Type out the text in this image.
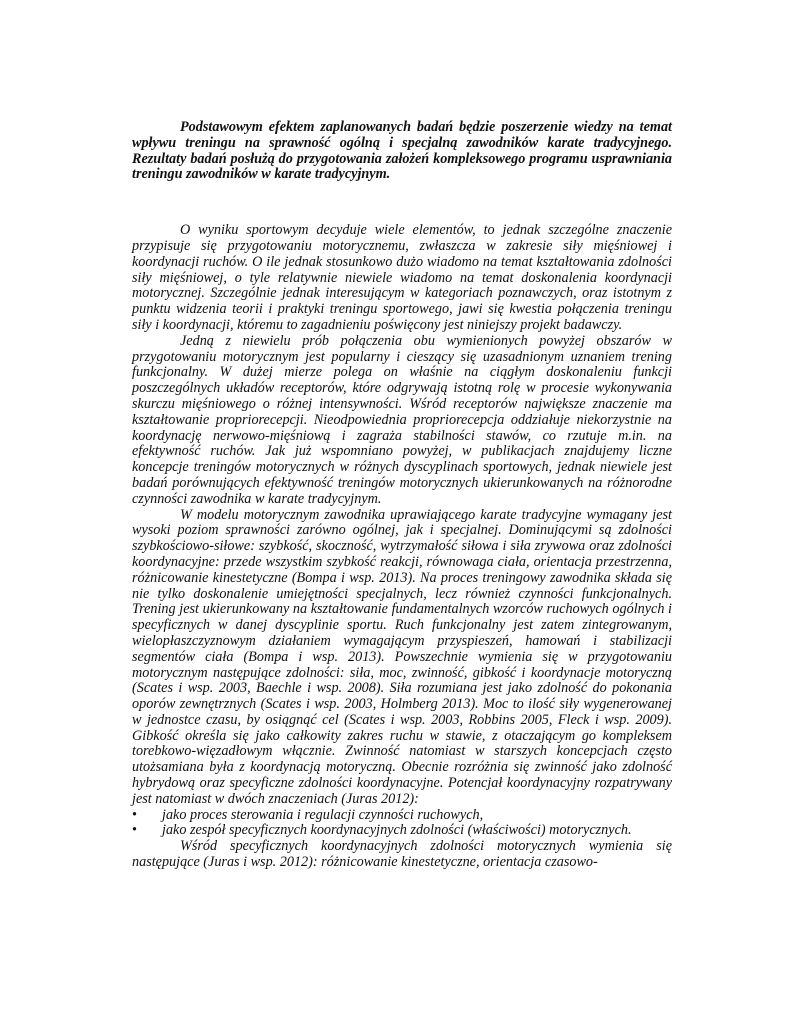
Podstawowym efektem zaplanowanych badań będzie poszerzenie wiedzy na temat wpływu treningu na sprawność ogólną i specjalną zawodników karate tradycyjnego. Rezultaty badań posłużą do przygotowania założeń kompleksowego programu usprawniania treningu zawodników w karate tradycyjnym.

O wyniku sportowym decyduje wiele elementów, to jednak szczególne znaczenie przypisuje się przygotowaniu motorycznemu, zwłaszcza w zakresie siły mięśniowej i koordynacji ruchów. O ile jednak stosunkowo dużo wiadomo na temat kształtowania zdolności siły mięśniowej, o tyle relatywnie niewiele wiadomo na temat doskonalenia koordynacji motorycznej. Szczególnie jednak interesującym w kategoriach poznawczych, oraz istotnym z punktu widzenia teorii i praktyki treningu sportowego, jawi się kwestia połączenia treningu siły i koordynacji, któremu to zagadnieniu poświęcony jest niniejszy projekt badawczy.

Jedną z niewielu prób połączenia obu wymienionych powyżej obszarów w przygotowaniu motorycznym jest popularny i cieszący się uzasadnionym uznaniem trening funkcjonalny. W dużej mierze polega on właśnie na ciągłym doskonaleniu funkcji poszczególnych układów receptorów, które odgrywają istotną rolę w procesie wykonywania skurczu mięśniowego o różnej intensywności. Wśród receptorów największe znaczenie ma kształtowanie propriorecepcji. Nieodpowiednia propriorecepcja oddziałuje niekorzystnie na koordynację nerwowo-mięśniową i zagraża stabilności stawów, co rzutuje m.in. na efektywność ruchów. Jak już wspomniano powyżej, w publikacjach znajdujemy liczne koncepcje treningów motorycznych w różnych dyscyplinach sportowych, jednak niewiele jest badań porównujących efektywność treningów motorycznych ukierunkowanych na różnorodne czynności zawodnika w karate tradycyjnym.

W modelu motorycznym zawodnika uprawiającego karate tradycyjne wymagany jest wysoki poziom sprawności zarówno ogólnej, jak i specjalnej. Dominującymi są zdolności szybkościowo-siłowe: szybkość, skoczność, wytrzymałość siłowa i siła zrywowa oraz zdolności koordynacyjne: przede wszystkim szybkość reakcji, równowaga ciała, orientacja przestrzenna, różnicowanie kinestetyczne (Bompa i wsp. 2013). Na proces treningowy zawodnika składa się nie tylko doskonalenie umiejętności specjalnych, lecz również czynności funkcjonalnych. Trening jest ukierunkowany na kształtowanie fundamentalnych wzorców ruchowych ogólnych i specyficznych w danej dyscyplinie sportu. Ruch funkcjonalny jest zatem zintegrowanym, wielopłaszczyznowym działaniem wymagającym przyspieszeń, hamowań i stabilizacji segmentów ciała (Bompa i wsp. 2013). Powszechnie wymienia się w przygotowaniu motorycznym następujące zdolności: siła, moc, zwinność, gibkość i koordynacje motoryczną (Scates i wsp. 2003, Baechle i wsp. 2008). Siła rozumiana jest jako zdolność do pokonania oporów zewnętrznych (Scates i wsp. 2003, Holmberg 2013). Moc to ilość siły wygenerowanej w jednostce czasu, by osiągnąć cel (Scates i wsp. 2003, Robbins 2005, Fleck i wsp. 2009). Gibkość określa się jako całkowity zakres ruchu w stawie, z otaczającym go kompleksem torebkowo-więzadłowym włącznie. Zwinność natomiast w starszych koncepcjach często utożsamiana była z koordynacją motoryczną. Obecnie rozróżnia się zwinność jako zdolność hybrydową oraz specyficzne zdolności koordynacyjne. Potencjał koordynacyjny rozpatrywany jest natomiast w dwóch znaczeniach (Juras 2012):

• jako proces sterowania i regulacji czynności ruchowych,
• jako zespół specyficznych koordynacyjnych zdolności (właściwości) motorycznych.

Wśród specyficznych koordynacyjnych zdolności motorycznych wymienia się następujące (Juras i wsp. 2012): różnicowanie kinestetyczne, orientacja czasowo-
